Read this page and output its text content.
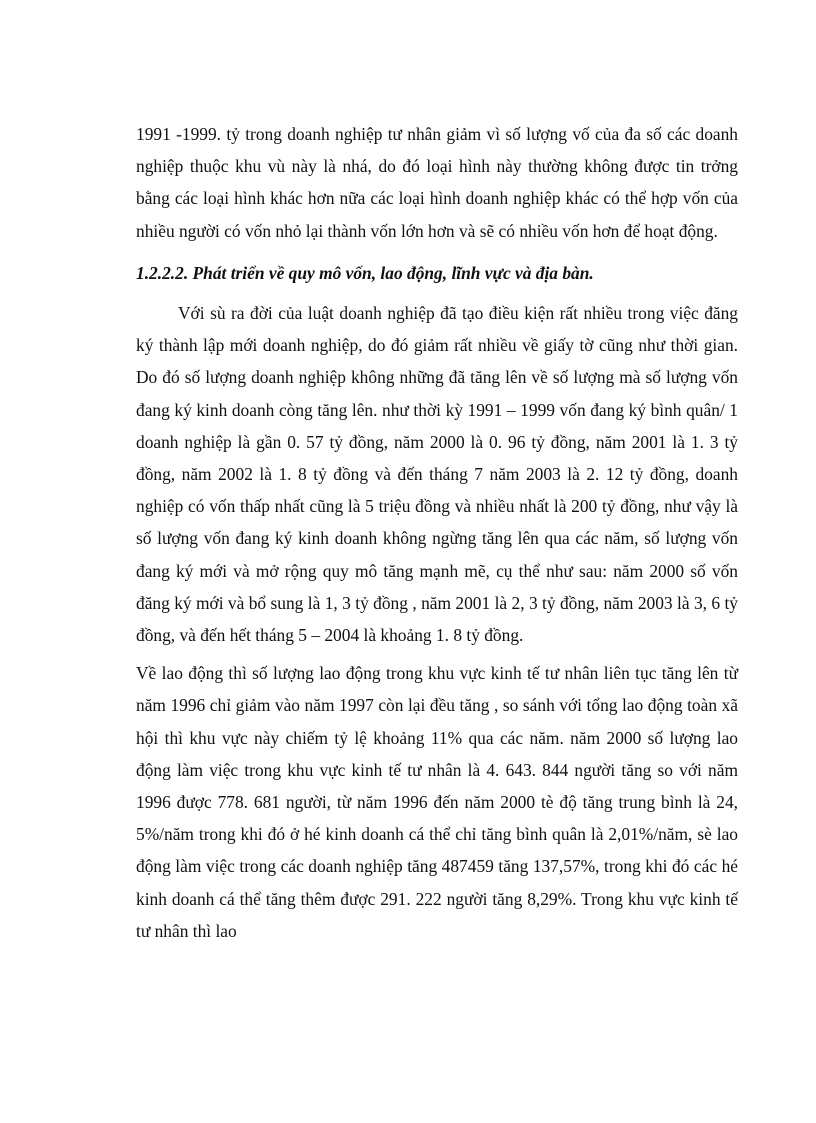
1991 -1999. tỷ trong doanh nghiệp tư nhân giảm vì số lượng vố của đa số các doanh nghiệp thuộc khu vù này là nhá, do đó loại hình này thường không được tin trởng bằng các loại hình khác hơn nữa các loại hình doanh nghiệp khác có thể hợp vốn của nhiều người có vốn nhỏ lại thành vốn lớn hơn và sẽ có nhiều vốn hơn để hoạt động.

1.2.2.2. Phát triển về quy mô vốn, lao động, lĩnh vực và địa bàn.

Với sù ra đời của luật doanh nghiệp đã tạo điều kiện rất nhiều trong việc đăng ký thành lập mới doanh nghiệp, do đó giảm rất nhiều về giấy tờ cũng như thời gian. Do đó số lượng doanh nghiệp không những đã tăng lên về số lượng mà số lượng vốn đang ký kinh doanh còng tăng lên. như thời kỳ 1991 – 1999 vốn đang ký bình quân/ 1 doanh nghiệp là gần 0. 57 tỷ đồng, năm 2000 là 0. 96 tỷ đồng, năm 2001 là 1. 3 tỷ đồng, năm 2002 là 1. 8 tỷ đồng và đến tháng 7 năm 2003 là 2. 12 tỷ đồng, doanh nghiệp có vốn thấp nhất cũng là 5 triệu đồng và nhiều nhất là 200 tỷ đồng, như vậy là số lượng vốn đang ký kinh doanh không ngừng tăng lên qua các năm, số lượng vốn đang ký mới và mở rộng quy mô tăng mạnh mẽ, cụ thể như sau: năm 2000 số vốn đăng ký mới và bổ sung là 1, 3 tỷ đồng , năm 2001 là 2, 3 tỷ đồng, năm 2003 là 3, 6 tỷ đồng, và đến hết tháng 5 – 2004 là khoảng 1. 8 tỷ đồng.

Về lao động thì số lượng lao động trong khu vực kinh tế tư nhân liên tục tăng lên từ năm 1996 chỉ giảm vào năm 1997 còn lại đều tăng , so sánh với tổng lao động toàn xã hội thì khu vực này chiếm tỷ lệ khoảng 11% qua các năm. năm 2000 số lượng lao động làm việc trong khu vực kinh tế tư nhân là 4. 643. 844 người tăng so với năm 1996 được 778. 681 người, từ năm 1996 đến năm 2000 tè độ tăng trung bình là 24, 5%/năm trong khi đó ở hé kinh doanh cá thể chỉ tăng bình quân là 2,01%/năm, sè lao động làm việc trong các doanh nghiệp tăng 487459 tăng 137,57%, trong khi đó các hé kinh doanh cá thể tăng thêm được 291. 222 người tăng 8,29%. Trong khu vực kinh tế tư nhân thì lao
